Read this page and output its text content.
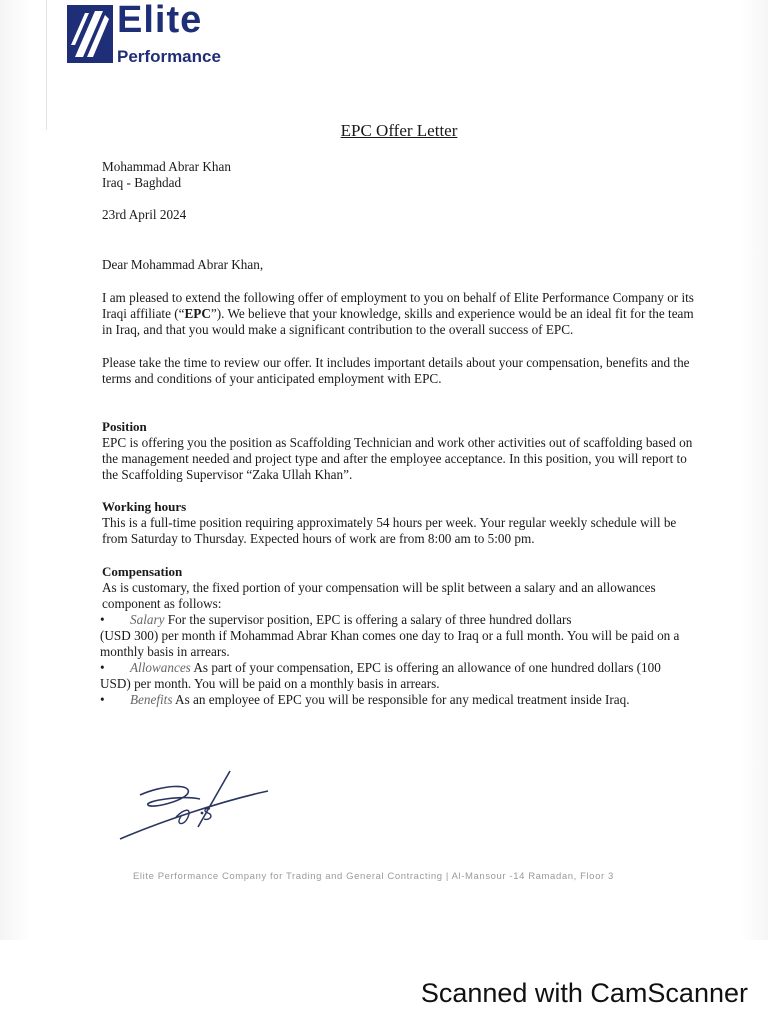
Elite
Performance
EPC Offer Letter

Mohammad Abrar Khan

Iraq - Baghdad

23rd April 2024
Dear Mohammad Abrar Khan,
I am pleased to extend the following offer of employment to you on behalf of Elite Performance Company or its Iraqi affiliate (“EPC”). We believe that your knowledge, skills and experience would be an ideal fit for the team in Iraq, and that you would make a significant contribution to the overall success of EPC.
Please take the time to review our offer. It includes important details about your compensation, benefits and the terms and conditions of your anticipated employment with EPC.
Position

EPC is offering you the position as Scaffolding Technician and work other activities out of scaffolding based on the management needed and project type and after the employee acceptance. In this position, you will report to the Scaffolding Supervisor “Zaka Ullah Khan”.

Working hours

This is a full-time position requiring approximately 54 hours per week. Your regular weekly schedule will be from Saturday to Thursday. Expected hours of work are from 8:00 am to 5:00 pm.

Compensation

As is customary, the fixed portion of your compensation will be split between a salary and an allowances component as follows:

• Salary For the supervisor position, EPC is offering a salary of three hundred dollars
(USD 300) per month if Mohammad Abrar Khan comes one day to Iraq or a full month. You will be paid on a monthly basis in arrears.
• Allowances As part of your compensation, EPC is offering an allowance of one hundred dollars (100
USD) per month. You will be paid on a monthly basis in arrears.
• Benefits As an employee of EPC you will be responsible for any medical treatment inside Iraq.
Elite Performance Company for Trading and General Contracting | Al-Mansour -14 Ramadan, Floor 3
Scanned with CamScanner
